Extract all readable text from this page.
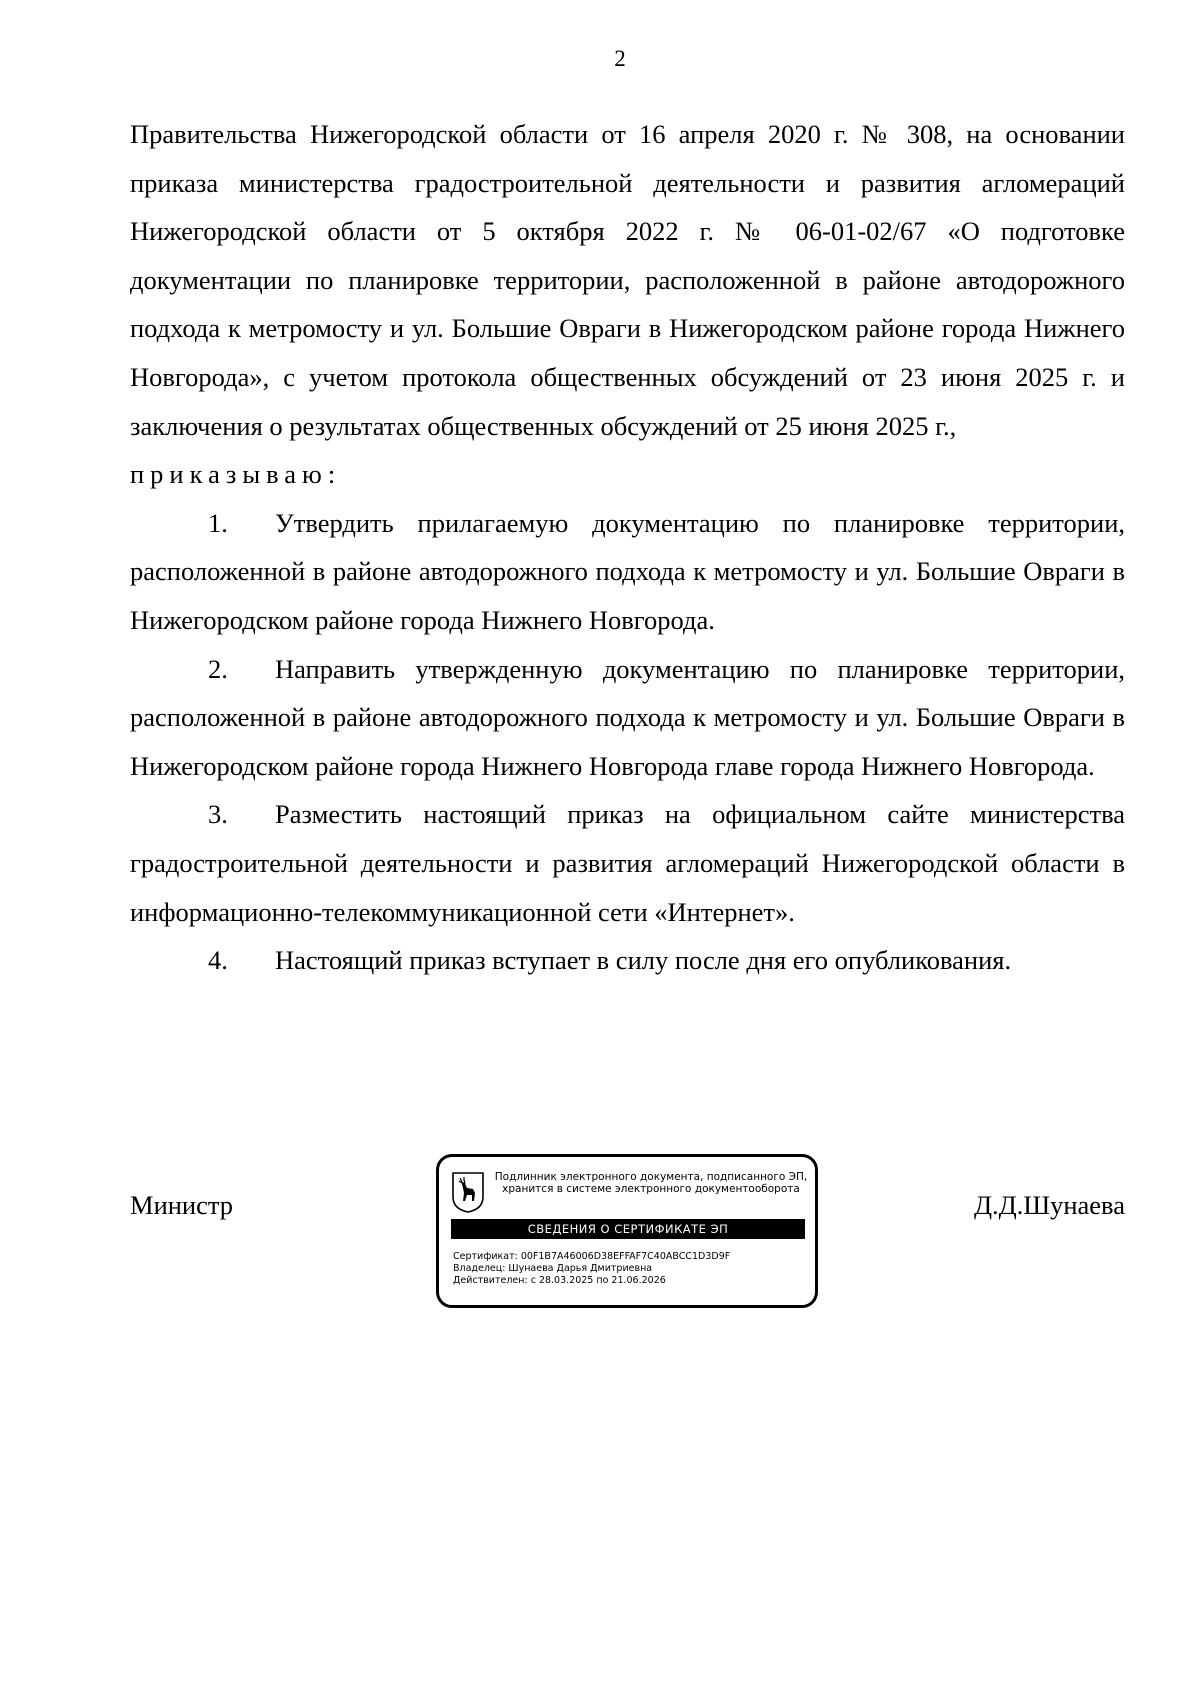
2

Правительства Нижегородской области от 16 апреля 2020 г. № 308, на основании приказа министерства градостроительной деятельности и развития агломераций Нижегородской области от 5 октября 2022 г. № 06-01-02/67 «О подготовке документации по планировке территории, расположенной в районе автодорожного подхода к метромосту и ул. Большие Овраги в Нижегородском районе города Нижнего Новгорода», с учетом протокола общественных обсуждений от 23 июня 2025 г. и заключения о результатах общественных обсуждений от 25 июня 2025 г.,

приказываю:

1. Утвердить прилагаемую документацию по планировке территории, расположенной в районе автодорожного подхода к метромосту и ул. Большие Овраги в Нижегородском районе города Нижнего Новгорода.

2. Направить утвержденную документацию по планировке территории, расположенной в районе автодорожного подхода к метромосту и ул. Большие Овраги в Нижегородском районе города Нижнего Новгорода главе города Нижнего Новгорода.

3. Разместить настоящий приказ на официальном сайте министерства градостроительной деятельности и развития агломераций Нижегородской области в информационно-телекоммуникационной сети «Интернет».

4. Настоящий приказ вступает в силу после дня его опубликования.

Министр	Д.Д.Шунаева
Подлинник электронного документа, подписанного ЭП,
хранится в системе электронного документооборота
СВЕДЕНИЯ О СЕРТИФИКАТЕ ЭП
Сертификат: 00F1B7A46006D38EFFAF7C40ABCC1D3D9F
Владелец: Шунаева Дарья Дмитриевна
Действителен: с 28.03.2025 по 21.06.2026
